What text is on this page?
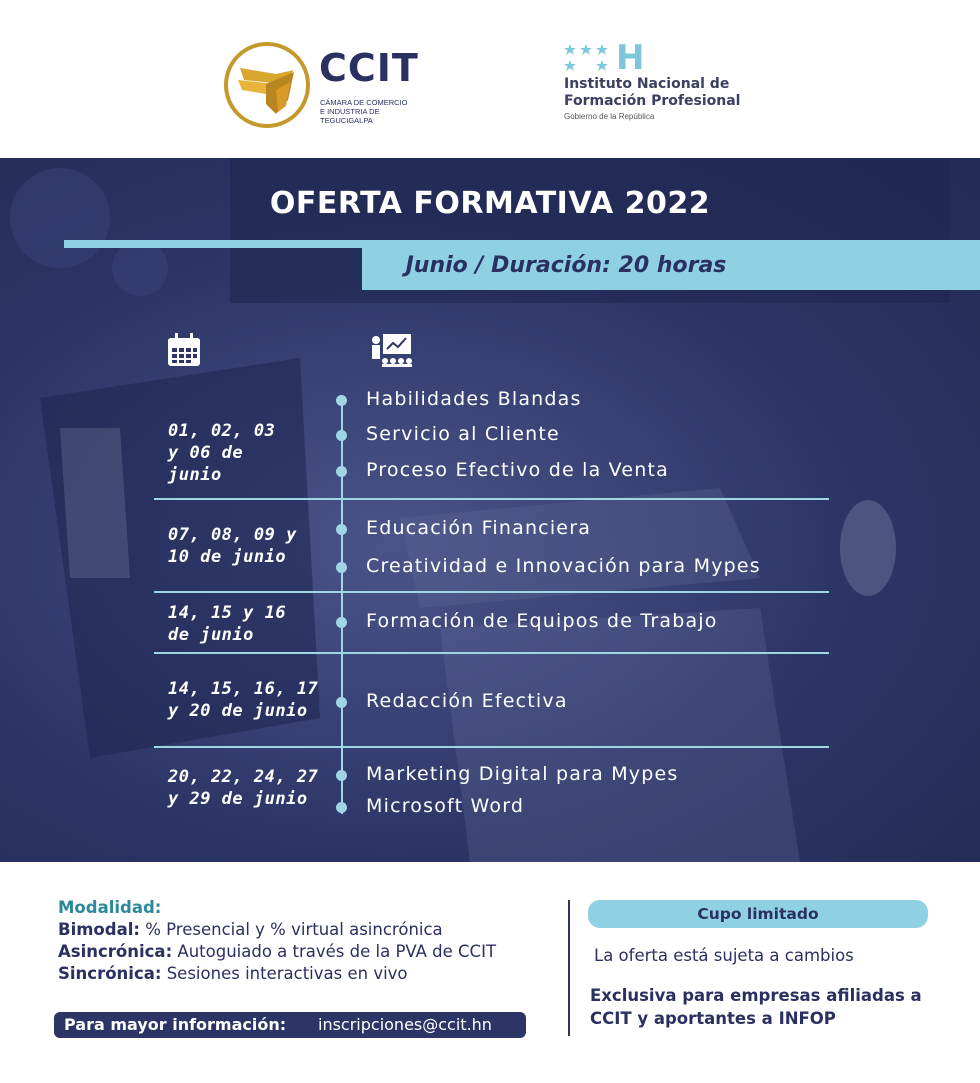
CCIT
CÁMARA DE COMERCIO
E INDUSTRIA DE TEGUCIGALPA
H
Instituto Nacional de
Formación Profesional
Gobierno de la República
OFERTA FORMATIVA 2022
Junio / Duración: 20 horas
01, 02, 03
y 06 de
junio
Habilidades Blandas
Servicio al Cliente
Proceso Efectivo de la Venta
07, 08, 09 y
10 de junio
Educación Financiera
Creatividad e Innovación para Mypes
14, 15 y 16
de junio
Formación de Equipos de Trabajo
14, 15, 16, 17
y 20 de junio	Redacción Efectiva
20, 22, 24, 27
y 29 de junio
Marketing Digital para Mypes
Microsoft Word
Modalidad:
Bimodal: % Presencial y % virtual asincrónica
Asincrónica: Autoguiado a través de la PVA de CCIT
Sincrónica: Sesiones interactivas en vivo
Para mayor información: inscripciones@ccit.hn
Cupo limitado
La oferta está sujeta a cambios
Exclusiva para empresas afiliadas a CCIT y aportantes a INFOP
